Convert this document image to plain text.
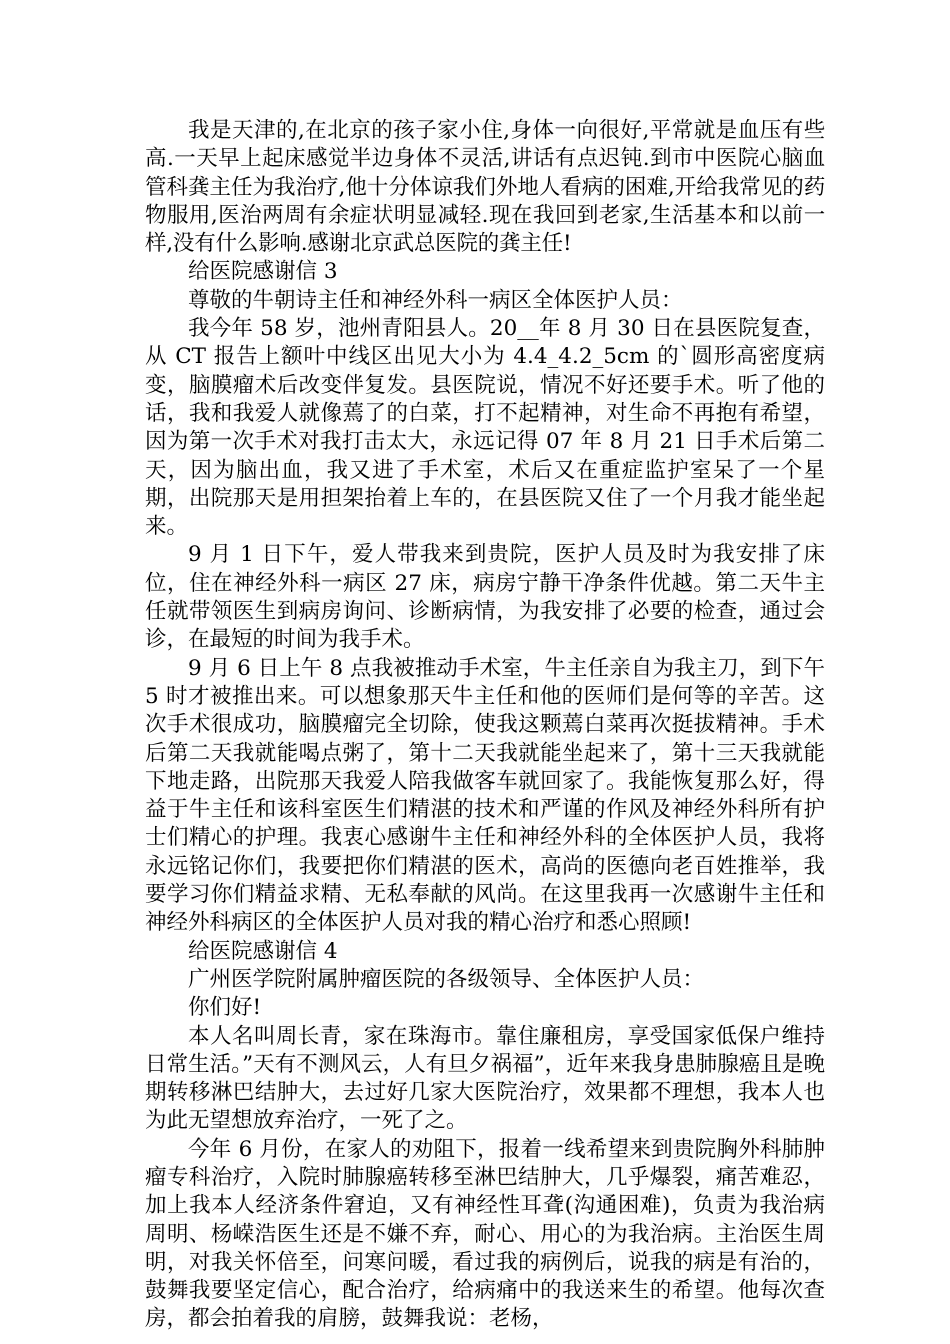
我是天津的,在北京的孩子家小住,身体一向很好,平常就是血压有些高.一天早上起床感觉半边身体不灵活,讲话有点迟钝.到市中医院心脑血管科龚主任为我治疗,他十分体谅我们外地人看病的困难,开给我常见的药物服用,医治两周有余症状明显减轻.现在我回到老家,生活基本和以前一样,没有什么影响.感谢北京武总医院的龚主任!

给医院感谢信 3

尊敬的牛朝诗主任和神经外科一病区全体医护人员：

我今年 58 岁，池州青阳县人。20__年 8 月 30 日在县医院复查，从 CT 报告上额叶中线区出见大小为 4.4_4.2_5cm 的`圆形高密度病变，脑膜瘤术后改变伴复发。县医院说，情况不好还要手术。听了他的话，我和我爱人就像蔫了的白菜，打不起精神，对生命不再抱有希望，因为第一次手术对我打击太大，永远记得 07 年 8 月 21 日手术后第二天，因为脑出血，我又进了手术室，术后又在重症监护室呆了一个星期，出院那天是用担架抬着上车的，在县医院又住了一个月我才能坐起来。

9 月 1 日下午，爱人带我来到贵院，医护人员及时为我安排了床位，住在神经外科一病区 27 床，病房宁静干净条件优越。第二天牛主任就带领医生到病房询问、诊断病情，为我安排了必要的检查，通过会诊，在最短的时间为我手术。

9 月 6 日上午 8 点我被推动手术室，牛主任亲自为我主刀，到下午 5 时才被推出来。可以想象那天牛主任和他的医师们是何等的辛苦。这次手术很成功，脑膜瘤完全切除，使我这颗蔫白菜再次挺拔精神。手术后第二天我就能喝点粥了，第十二天我就能坐起来了，第十三天我就能下地走路，出院那天我爱人陪我做客车就回家了。我能恢复那么好，得益于牛主任和该科室医生们精湛的技术和严谨的作风及神经外科所有护士们精心的护理。我衷心感谢牛主任和神经外科的全体医护人员，我将永远铭记你们，我要把你们精湛的医术，高尚的医德向老百姓推举，我要学习你们精益求精、无私奉献的风尚。在这里我再一次感谢牛主任和神经外科病区的全体医护人员对我的精心治疗和悉心照顾!

给医院感谢信 4

广州医学院附属肿瘤医院的各级领导、全体医护人员：

你们好!

本人名叫周长青，家在珠海市。靠住廉租房，享受国家低保户维持日常生活。”天有不测风云，人有旦夕祸福”，近年来我身患肺腺癌且是晚期转移淋巴结肿大，去过好几家大医院治疗，效果都不理想，我本人也为此无望想放弃治疗，一死了之。

今年 6 月份，在家人的劝阻下，报着一线希望来到贵院胸外科肺肿瘤专科治疗，入院时肺腺癌转移至淋巴结肿大，几乎爆裂，痛苦难忍，加上我本人经济条件窘迫，又有神经性耳聋(沟通困难)，负责为我治病周明、杨嵘浩医生还是不嫌不弃，耐心、用心的为我治病。主治医生周明，对我关怀倍至，问寒问暖，看过我的病例后，说我的病是有治的，鼓舞我要坚定信心，配合治疗，给病痛中的我送来生的希望。他每次查房，都会拍着我的肩膀，鼓舞我说：老杨，
